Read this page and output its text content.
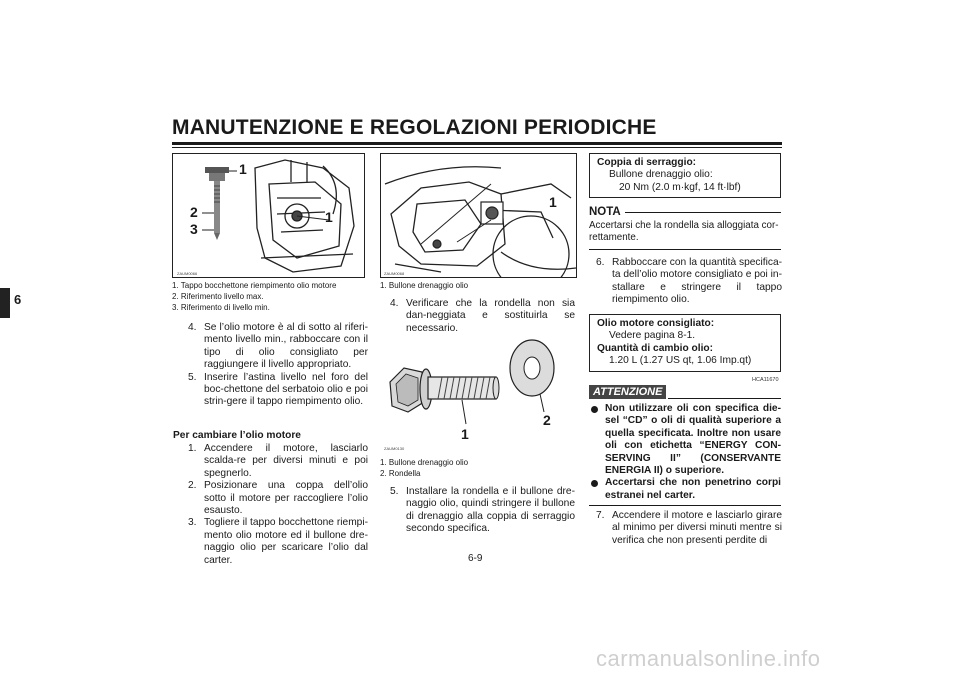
MANUTENZIONE E REGOLAZIONI PERIODICHE
6
ZAUM0066
1
2
3
1
1. Tappo bocchettone riempimento olio motore
2. Riferimento livello max.
3. Riferimento di livello min.
4. Se l’olio motore è al di sotto al riferi-mento livello min., rabboccare con il tipo di olio consigliato per raggiungere il livello appropriato.
5. Inserire l’astina livello nel foro del boc-chettone del serbatoio olio e poi strin-gere il tappo riempimento olio.
Per cambiare l’olio motore
1. Accendere il motore, lasciarlo scalda-re per diversi minuti e poi spegnerlo.
2. Posizionare una coppa dell’olio sotto il motore per raccogliere l’olio esausto.
3. Togliere il tappo bocchettone riempi-mento olio motore ed il bullone dre-naggio olio per scaricare l’olio dal carter.
ZAUM0068
1
1. Bullone drenaggio olio
4. Verificare che la rondella non sia dan-neggiata e sostituirla se necessario.
ZAUM0130
1
2
1. Bullone drenaggio olio
2. Rondella
5. Installare la rondella e il bullone dre-naggio olio, quindi stringere il bullone di drenaggio alla coppia di serraggio secondo specifica.
Coppia di serraggio:
Bullone drenaggio olio:
20 Nm (2.0 m·kgf, 14 ft·lbf)
NOTA
Accertarsi che la rondella sia alloggiata cor-rettamente.
6. Rabboccare con la quantità specifica-ta dell’olio motore consigliato e poi in-stallare e stringere il tappo riempimento olio.
Olio motore consigliato:
Vedere pagina 8-1.
Quantità di cambio olio:
1.20 L (1.27 US qt, 1.06 Imp.qt)
HCA11670
ATTENZIONE
Non utilizzare oli con specifica die-sel “CD” o oli di qualità superiore a quella specificata. Inoltre non usare oli con etichetta “ENERGY CON-SERVING II” (CONSERVANTE ENERGIA II) o superiore.
Accertarsi che non penetrino corpi estranei nel carter.
7. Accendere il motore e lasciarlo girare al minimo per diversi minuti mentre si verifica che non presenti perdite di
6-9
carmanualsonline.info
